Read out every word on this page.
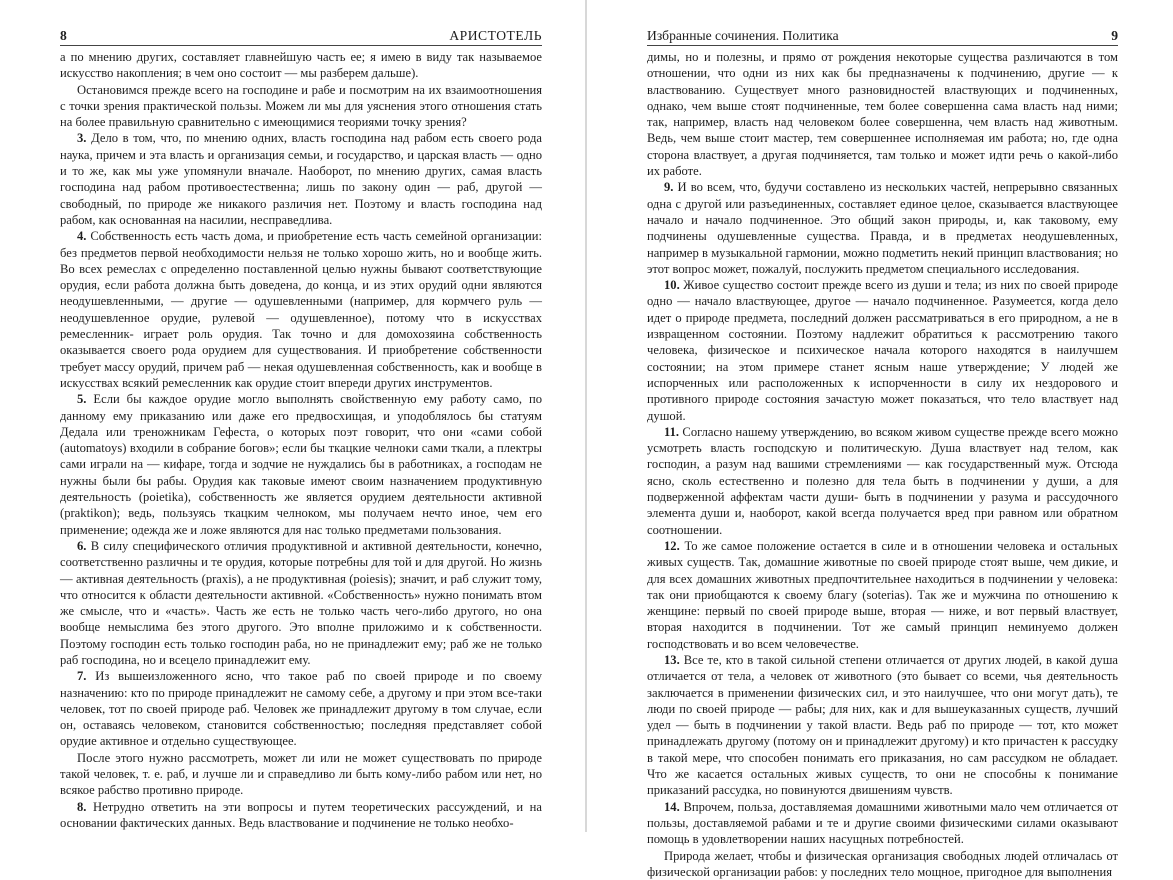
8	АРИСТОТЕЛЬ

а по мнению других, составляет главнейшую часть ее; я имею в виду так называемое искусство накопления; в чем оно состоит — мы разберем дальше).

Остановимся прежде всего на господине и рабе и посмотрим на их взаимоотношения с точки зрения практической пользы. Можем ли мы для уяснения этого отношения стать на более правильную сравнительно с имеющимися теориями точку зрения?

3. Дело в том, что, по мнению одних, власть господина над рабом есть своего рода наука, причем и эта власть и организация семьи, и государство, и царская власть — одно и то же, как мы уже упомянули вначале. Наоборот, по мнению других, самая власть господина над рабом противоестественна; лишь по закону один — раб, другой — свободный, по природе же никакого различия нет. Поэтому и власть господина над рабом, как основанная на насилии, несправедлива.

4. Собственность есть часть дома, и приобретение есть часть семейной организации: без предметов первой необходимости нельзя не только хорошо жить, но и вообще жить. Во всех ремеслах с определенно поставленной целью нужны бывают соответствующие орудия, если работа должна быть доведена, до конца, и из этих орудий одни являются неодушевленными, — другие — одушевленными (например, для кормчего руль — неодушевленное орудие, рулевой — одушевленное), потому что в искусствах ремесленник- играет роль орудия. Так точно и для домохозяина собственность оказывается своего рода орудием для существования. И приобретение собственности требует массу орудий, причем раб — некая одушевленная собственность, как и вообще в искусствах всякий ремесленник как орудие стоит впереди других инструментов.

5. Если бы каждое орудие могло выполнять свойственную ему работу само, по данному ему приказанию или даже его предвосхищая, и уподоблялось бы статуям Дедала или треножникам Гефеста, о которых поэт говорит, что они «сами собой (automatoys) входили в собрание богов»; если бы ткацкие челноки сами ткали, а плектры сами играли на — кифаре, тогда и зодчие не нуждались бы в работниках, а господам не нужны были бы рабы. Орудия как таковые имеют своим назначением продуктивную деятельность (poietika), собственность же является орудием деятельности активной (praktikon); ведь, пользуясь ткацким челноком, мы получаем нечто иное, чем его применение; одежда же и ложе являются для нас только предметами пользования.

6. В силу специфического отличия продуктивной и активной деятельности, конечно, соответственно различны и те орудия, которые потребны для той и для другой. Но жизнь — активная деятельность (praxis), а не продуктивная (poiesis); значит, и раб служит тому, что относится к области деятельности активной. «Собственность» нужно понимать втом же смысле, что и «часть». Часть же есть не только часть чего-либо другого, но она вообще немыслима без этого другого. Это вполне приложимо и к собственности. Поэтому господин есть только господин раба, но не принадлежит ему; раб же не только раб господина, но и всецело принадлежит ему.

7. Из вышеизложенного ясно, что такое раб по своей природе и по своему назначению: кто по природе принадлежит не самому себе, а другому и при этом все-таки человек, тот по своей природе раб. Человек же принадлежит другому в том случае, если он, оставаясь человеком, становится собственностью; последняя представляет собой орудие активное и отдельно существующее.

После этого нужно рассмотреть, может ли или не может существовать по природе такой человек, т. е. раб, и лучше ли и справедливо ли быть кому-либо рабом или нет, но всякое рабство противно природе.

8. Нетрудно ответить на эти вопросы и путем теоретических рассуждений, и на основании фактических данных. Ведь властвование и подчинение не только необхо-

Избранные сочинения. Политика	9

димы, но и полезны, и прямо от рождения некоторые существа различаются в том отношении, что одни из них как бы предназначены к подчинению, другие — к властвованию. Существует много разновидностей властвующих и подчиненных, однако, чем выше стоят подчиненные, тем более совершенна сама власть над ними; так, например, власть над человеком более совершенна, чем власть над животным. Ведь, чем выше стоит мастер, тем совершеннее исполняемая им работа; но, где одна сторона властвует, а другая подчиняется, там только и может идти речь о какой-либо их работе.

9. И во всем, что, будучи составлено из нескольких частей, непрерывно связанных одна с другой или разъединенных, составляет единое целое, сказывается властвующее начало и начало подчиненное. Это общий закон природы, и, как таковому, ему подчинены одушевленные существа. Правда, и в предметах неодушевленных, например в музыкальной гармонии, можно подметить некий принцип властвования; но этот вопрос может, пожалуй, послужить предметом специального исследования.

10. Живое существо состоит прежде всего из души и тела; из них по своей природе одно — начало властвующее, другое — начало подчиненное. Разумеется, когда дело идет о природе предмета, последний должен рассматриваться в его природном, а не в извращенном состоянии. Поэтому надлежит обратиться к рассмотрению такого человека, физическое и психическое начала которого находятся в наилучшем состоянии; на этом примере станет ясным наше утверждение; У людей же испорченных или расположенных к испорченности в силу их нездорового и противного природе состояния зачастую может показаться, что тело властвует над душой.

11. Согласно нашему утверждению, во всяком живом существе прежде всего можно усмотреть власть господскую и политическую. Душа властвует над телом, как господин, а разум над вашими стремлениями — как государственный муж. Отсюда ясно, сколь естественно и полезно для тела быть в подчинении у души, а для подверженной аффектам части души- быть в подчинении у разума и рассудочного элемента души и, наоборот, какой всегда получается вред при равном или обратном соотношении.

12. То же самое положение остается в силе и в отношении человека и остальных живых существ. Так, домашние животные по своей природе стоят выше, чем дикие, и для всех домашних животных предпочтительнее находиться в подчинении у человека: так они приобщаются к своему благу (soterias). Так же и мужчина по отношению к женщине: первый по своей природе выше, вторая — ниже, и вот первый властвует, вторая находится в подчинении. Тот же самый принцип неминуемо должен господствовать и во всем человечестве.

13. Все те, кто в такой сильной степени отличается от других людей, в какой душа отличается от тела, а человек от животного (это бывает со всеми, чья деятельность заключается в применении физических сил, и это наилучшее, что они могут дать), те люди по своей природе — рабы; для них, как и для вышеуказанных существ, лучший удел — быть в подчинении у такой власти. Ведь раб по природе — тот, кто может принадлежать другому (потому он и принадлежит другому) и кто причастен к рассудку в такой мере, что способен понимать его приказания, но сам рассудком не обладает. Что же касается остальных живых существ, то они не способны к понимание приказаний рассудка, но повинуются двишениям чувств.

14. Впрочем, польза, доставляемая домашними животными мало чем отличается от пользы, доставляемой рабами и те и другие своими физическими силами оказывают помощь в удовлетворении наших насущных потребностей.

Природа желает, чтобы и физическая организация свободных людей отличалась от физической организации рабов: у последних тело мощное, пригодное для выполнения
